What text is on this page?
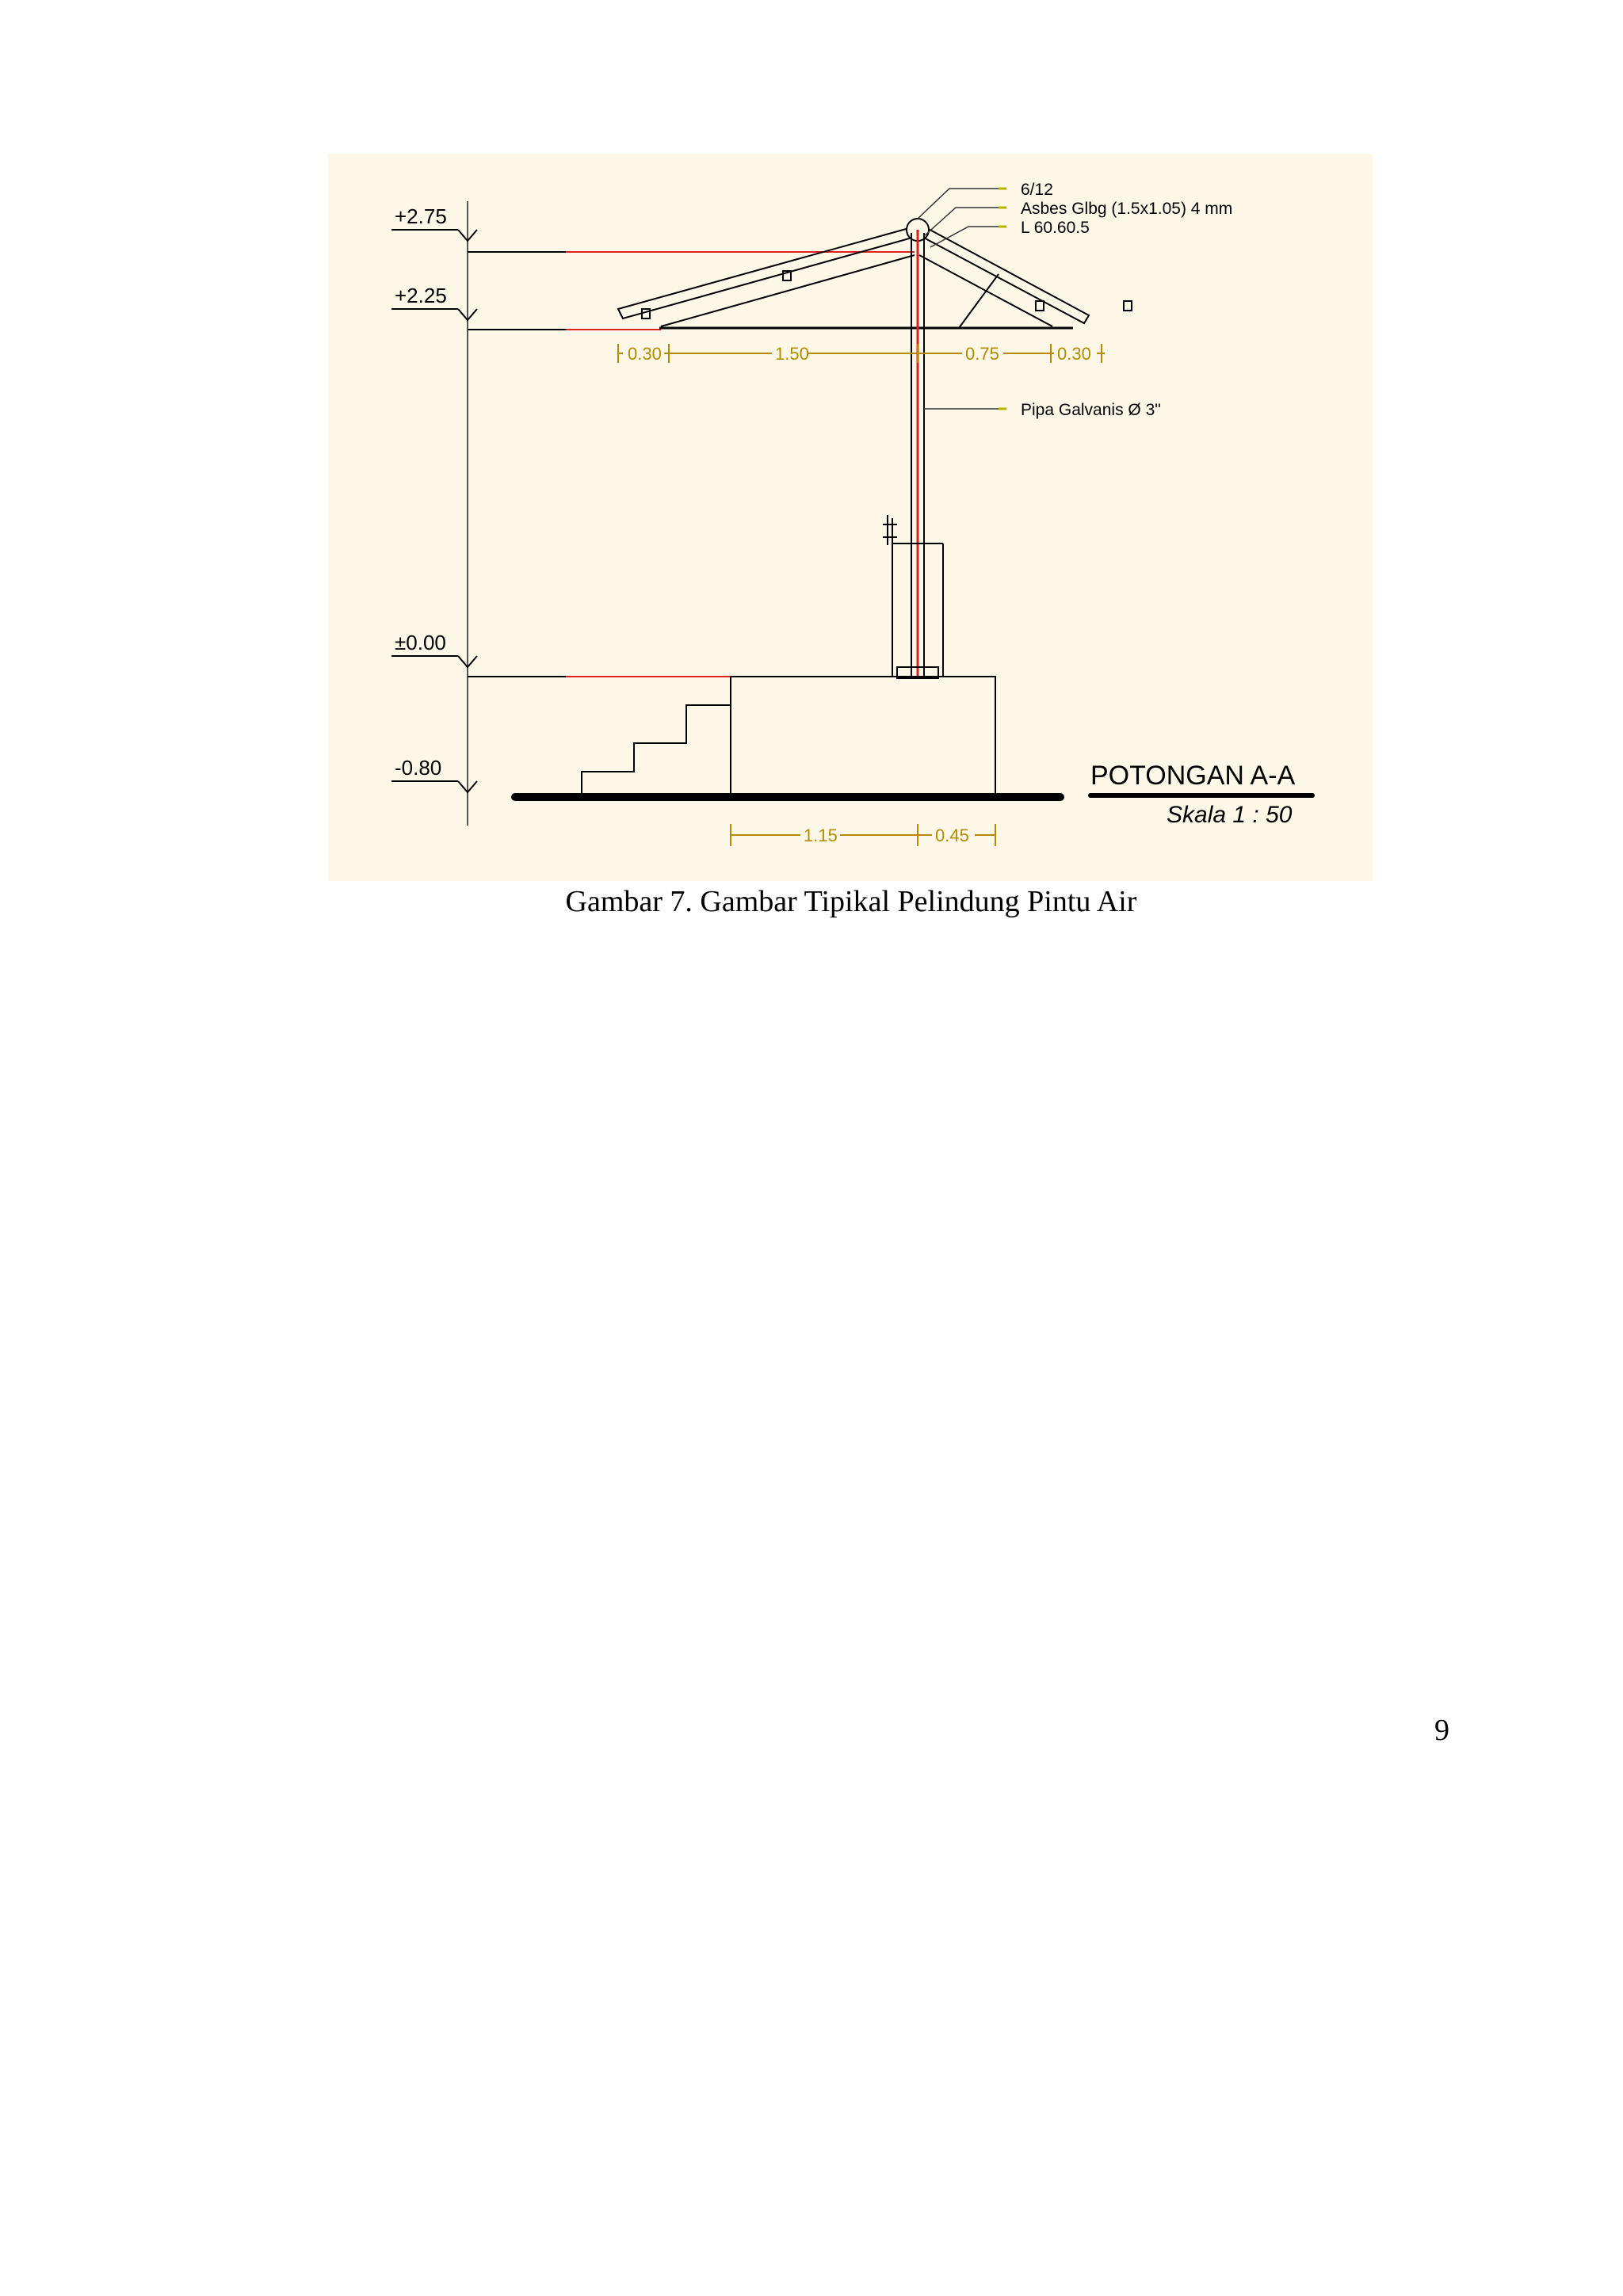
+2.75
+2.25
±0.00
-0.80
0.30	1.50	0.75	0.30
1.15	0.45
6/12
Asbes Glbg (1.5x1.05) 4 mm
L 60.60.5
Pipa Galvanis Ø 3"
POTONGAN A-A
Skala 1 : 50
Gambar 7. Gambar Tipikal Pelindung Pintu Air
9
